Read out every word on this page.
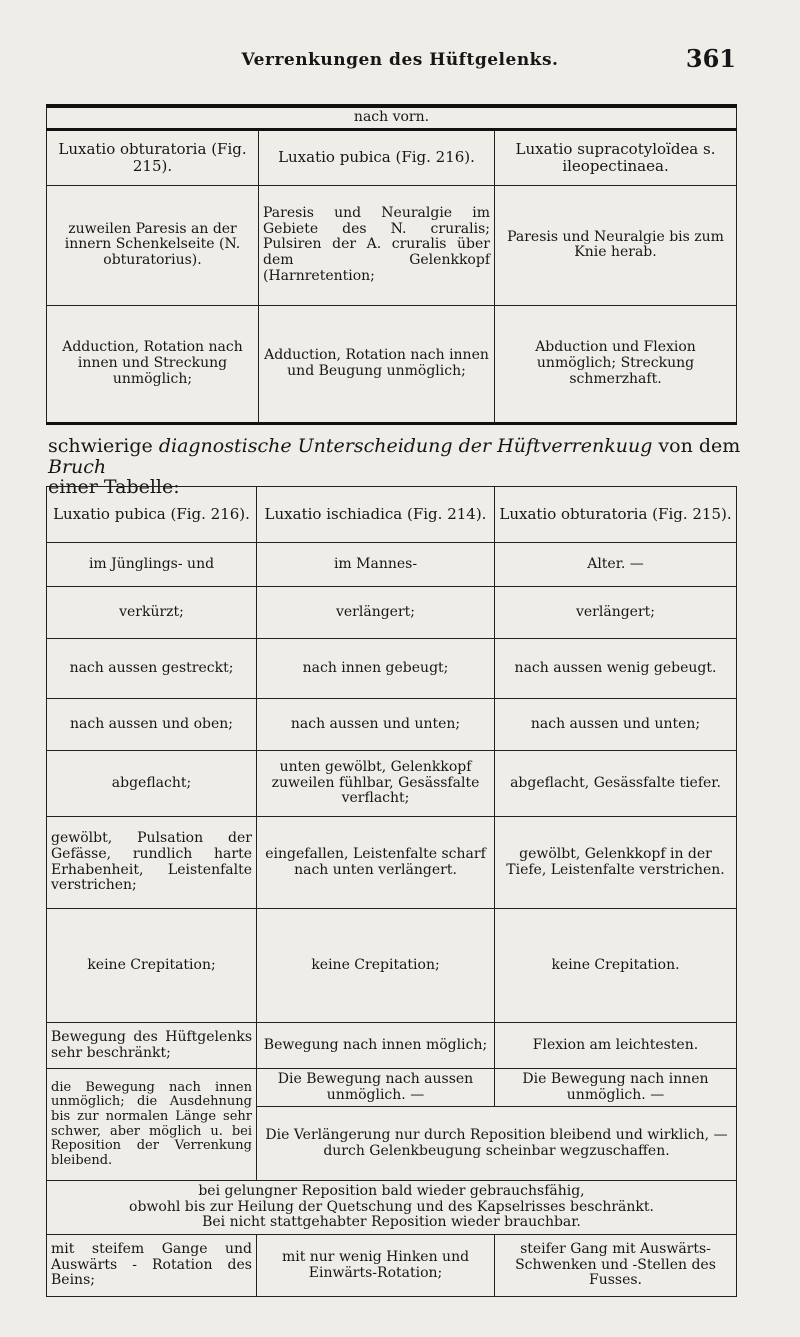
Verrenkungen des Hüftgelenks.	361
nach vorn.		
Luxatio obturatoria (Fig. 215).	Luxatio pubica (Fig. 216).	Luxatio supracotyloïdea s. ileopectinaea.
zuweilen Paresis an der innern Schenkelseite (N. obturatorius).	Paresis und Neuralgie im Gebiete des N. cruralis; Pulsiren der A. cruralis über dem Gelenkkopf (Harnretention;	Paresis und Neuralgie bis zum Knie herab.
Adduction, Rotation nach innen und Streckung unmöglich;	Adduction, Rotation nach innen und Beugung unmöglich;	Abduction und Flexion unmöglich; Streckung schmerzhaft.
schwierige diagnostische Unterscheidung der Hüftverrenkuug von dem Bruch
einer Tabelle:
Luxatio pubica (Fig. 216).	Luxatio ischiadica (Fig. 214).	Luxatio obturatoria (Fig. 215).
im Jünglings- und	im Mannes-	Alter. —
verkürzt;	verlängert;	verlängert;
nach aussen gestreckt;	nach innen gebeugt;	nach aussen wenig gebeugt.
nach aussen und oben;	nach aussen und unten;	nach aussen und unten;
abgeflacht;	unten gewölbt, Gelenkkopf zuweilen fühlbar, Gesässfalte verflacht;	abgeflacht, Gesässfalte tiefer.
gewölbt, Pulsation der Gefässe, rundlich harte Erhabenheit, Leistenfalte verstrichen;	eingefallen, Leistenfalte scharf nach unten verlängert.	gewölbt, Gelenkkopf in der Tiefe, Leistenfalte verstrichen.
keine Crepitation;	keine Crepitation;	keine Crepitation.
Bewegung des Hüftgelenks sehr beschränkt;	Bewegung nach innen möglich;	Flexion am leichtesten.
die Bewegung nach innen unmöglich; die Ausdehnung bis zur normalen Länge sehr schwer, aber möglich u. bei Reposition der Verrenkung bleibend.	Die Bewegung nach aussen unmöglich. —	Die Bewegung nach innen unmöglich. —
	Die Verlängerung nur durch Reposition bleibend und wirklich, — durch Gelenkbeugung scheinbar wegzuschaffen.	

bei gelungner Reposition bald wieder gebrauchsfähig,
obwohl bis zur Heilung der Quetschung und des Kapselrisses beschränkt.
Bei nicht stattgehabter Reposition wieder brauchbar.		

mit steifem Gange und Auswärts - Rotation des Beins;	mit nur wenig Hinken und Einwärts-Rotation;	steifer Gang mit Auswärts-Schwenken und -Stellen des Fusses.
